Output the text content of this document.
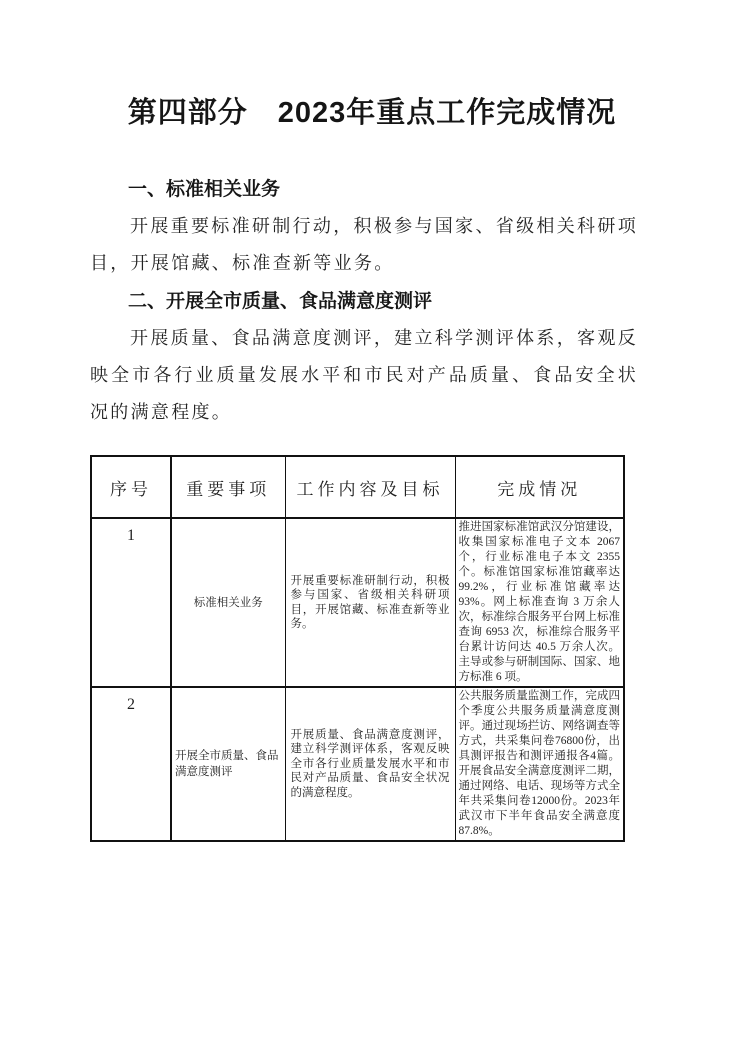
第四部分　2023年重点工作完成情况
一、标准相关业务
开展重要标准研制行动，积极参与国家、省级相关科研项目，开展馆藏、标准查新等业务。
二、开展全市质量、食品满意度测评
开展质量、食品满意度测评，建立科学测评体系，客观反映全市各行业质量发展水平和市民对产品质量、食品安全状况的满意程度。
序号	重要事项	工作内容及目标	完成情况
1	标准相关业务	开展重要标准研制行动，积极参与国家、省级相关科研项目，开展馆藏、标准查新等业务。	推进国家标准馆武汉分馆建设，收集国家标准电子文本 2067 个，行业标准电子本文 2355 个。标准馆国家标准馆藏率达 99.2%，行业标准馆藏率达 93%。网上标准查询 3 万余人次，标准综合服务平台网上标准查询 6953 次，标准综合服务平台累计访问达 40.5 万余人次。主导或参与研制国际、国家、地方标准 6 项。
2	开展全市质量、食品满意度测评	开展质量、食品满意度测评，建立科学测评体系，客观反映全市各行业质量发展水平和市民对产品质量、食品安全状况的满意程度。	公共服务质量监测工作，完成四个季度公共服务质量满意度测评。通过现场拦访、网络调查等方式，共采集问卷76800份，出具测评报告和测评通报各4篇。开展食品安全满意度测评二期，通过网络、电话、现场等方式全年共采集问卷12000份。2023年武汉市下半年食品安全满意度87.8%。
